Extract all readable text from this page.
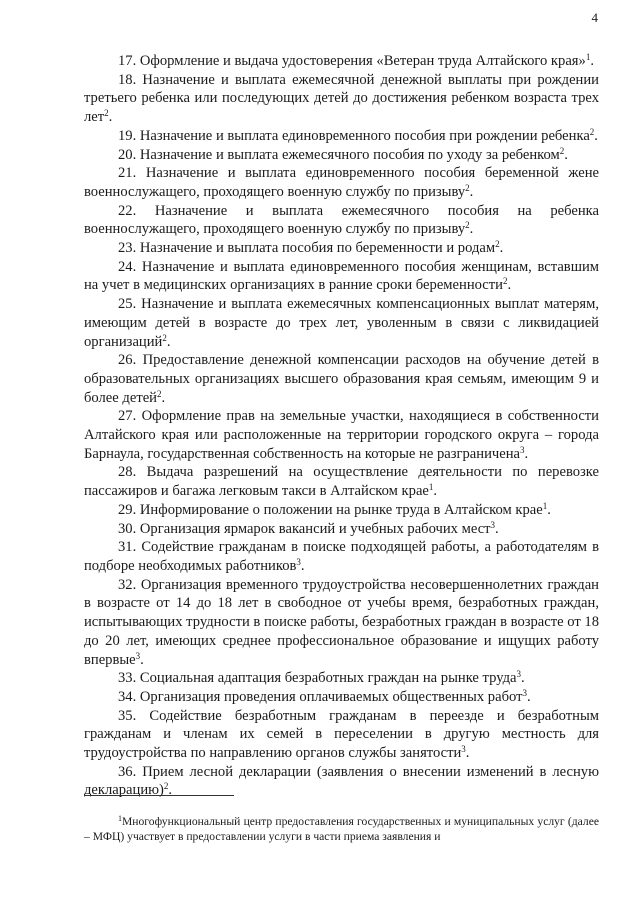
4

17. Оформление и выдача удостоверения «Ветеран труда Алтайского края»$^1$.

18. Назначение и выплата ежемесячной денежной выплаты при рождении третьего ребенка или последующих детей до достижения ребенком возраста трех лет$^2$.

19. Назначение и выплата единовременного пособия при рождении ребенка$^2$.

20. Назначение и выплата ежемесячного пособия по уходу за ребенком$^2$.

21. Назначение и выплата единовременного пособия беременной жене военнослужащего, проходящего военную службу по призыву$^2$.

22. Назначение и выплата ежемесячного пособия на ребенка военнослужащего, проходящего военную службу по призыву$^2$.

23. Назначение и выплата пособия по беременности и родам$^2$.

24. Назначение и выплата единовременного пособия женщинам, вставшим на учет в медицинских организациях в ранние сроки беременности$^2$.

25. Назначение и выплата ежемесячных компенсационных выплат матерям, имеющим детей в возрасте до трех лет, уволенным в связи с ликвидацией организаций$^2$.

26. Предоставление денежной компенсации расходов на обучение детей в образовательных организациях высшего образования края семьям, имеющим 9 и более детей$^2$.

27. Оформление прав на земельные участки, находящиеся в собственности Алтайского края или расположенные на территории городского округа – города Барнаула, государственная собственность на которые не разграничена$^3$.

28. Выдача разрешений на осуществление деятельности по перевозке пассажиров и багажа легковым такси в Алтайском крае$^1$.

29. Информирование о положении на рынке труда в Алтайском крае$^1$.

30. Организация ярмарок вакансий и учебных рабочих мест$^3$.

31. Содействие гражданам в поиске подходящей работы, а работодателям в подборе необходимых работников$^3$.

32. Организация временного трудоустройства несовершеннолетних граждан в возрасте от 14 до 18 лет в свободное от учебы время, безработных граждан, испытывающих трудности в поиске работы, безработных граждан в возрасте от 18 до 20 лет, имеющих среднее профессиональное образование и ищущих работу впервые$^3$.

33. Социальная адаптация безработных граждан на рынке труда$^3$.

34. Организация проведения оплачиваемых общественных работ$^3$.

35. Содействие безработным гражданам в переезде и безработным гражданам и членам их семей в переселении в другую местность для трудоустройства по направлению органов службы занятости$^3$.

36. Прием лесной декларации (заявления о внесении изменений в лесную декларацию)$^2$.

$^1$Многофункциональный центр предоставления государственных и муниципальных услуг (далее – МФЦ) участвует в предоставлении услуги в части приема заявления и
